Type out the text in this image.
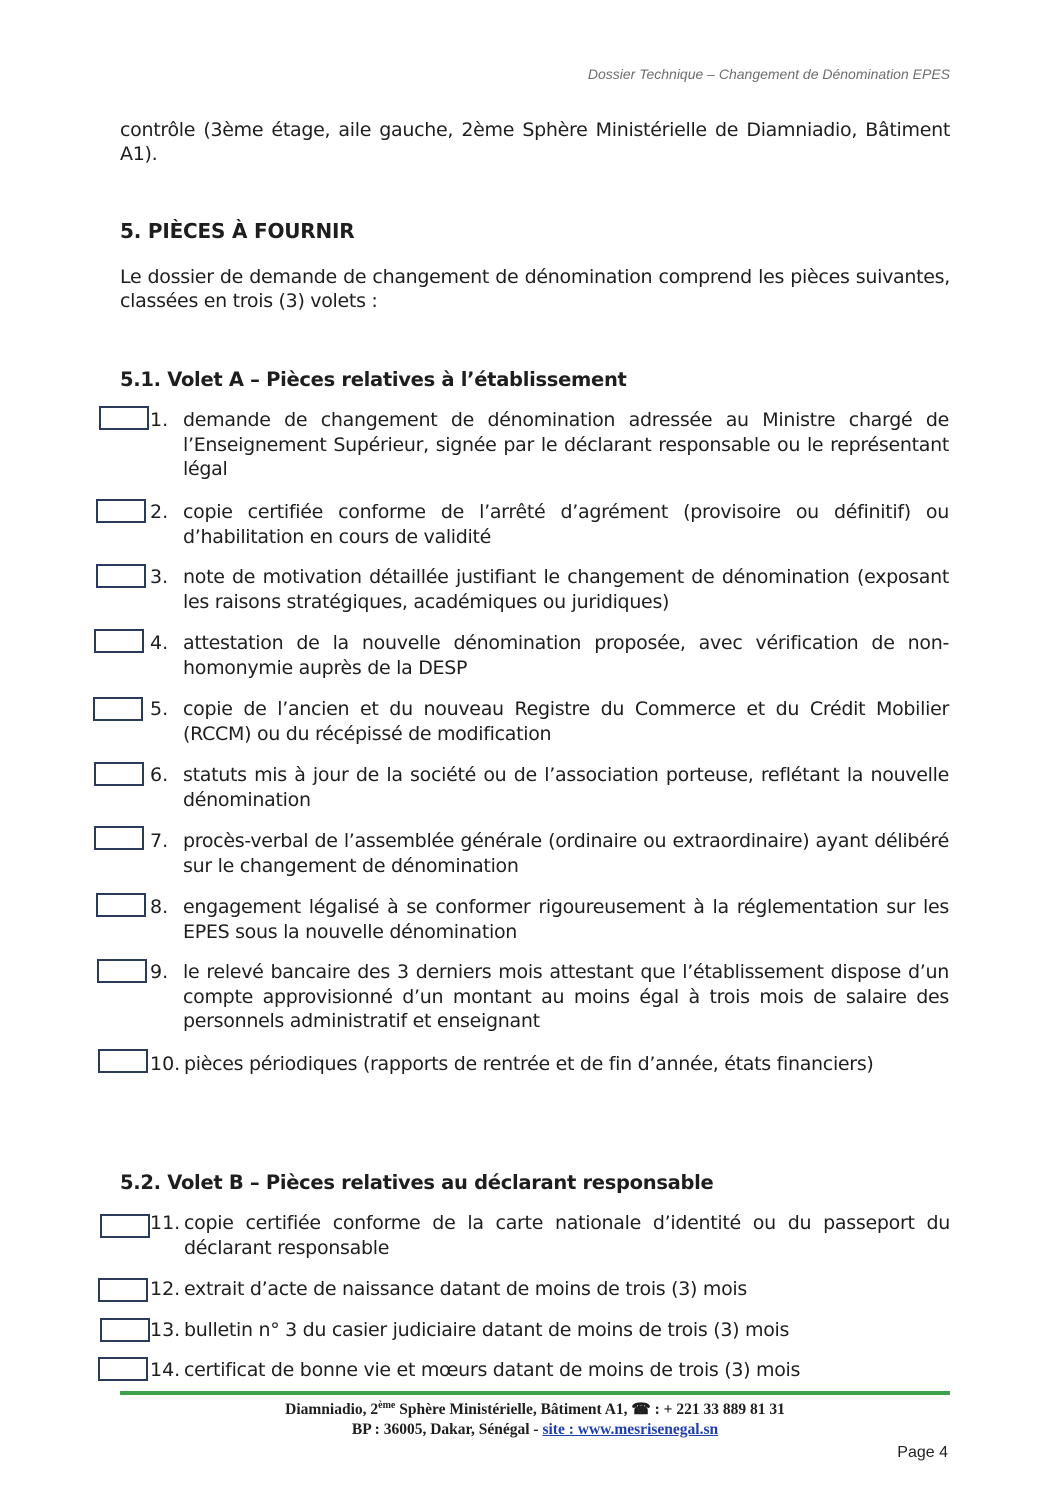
Dossier Technique – Changement de Dénomination EPES
contrôle (3ème étage, aile gauche, 2ème Sphère Ministérielle de Diamniadio, Bâtiment A1).
5. PIÈCES À FOURNIR
Le dossier de demande de changement de dénomination comprend les pièces suivantes, classées en trois (3) volets :
5.1. Volet A – Pièces relatives à l’établissement
1. demande de changement de dénomination adressée au Ministre chargé de l’Enseignement Supérieur, signée par le déclarant responsable ou le représentant légal
2. copie certifiée conforme de l’arrêté d’agrément (provisoire ou définitif) ou d’habilitation en cours de validité
3. note de motivation détaillée justifiant le changement de dénomination (exposant les raisons stratégiques, académiques ou juridiques)
4. attestation de la nouvelle dénomination proposée, avec vérification de non-homonymie auprès de la DESP
5. copie de l’ancien et du nouveau Registre du Commerce et du Crédit Mobilier (RCCM) ou du récépissé de modification
6. statuts mis à jour de la société ou de l’association porteuse, reflétant la nouvelle dénomination
7. procès-verbal de l’assemblée générale (ordinaire ou extraordinaire) ayant délibéré sur le changement de dénomination
8. engagement légalisé à se conformer rigoureusement à la réglementation sur les EPES sous la nouvelle dénomination
9. le relevé bancaire des 3 derniers mois attestant que l’établissement dispose d’un compte approvisionné d’un montant au moins égal à trois mois de salaire des personnels administratif et enseignant
10. pièces périodiques (rapports de rentrée et de fin d’année, états financiers)
5.2. Volet B – Pièces relatives au déclarant responsable
11. copie certifiée conforme de la carte nationale d’identité ou du passeport du déclarant responsable
12. extrait d’acte de naissance datant de moins de trois (3) mois
13. bulletin n° 3 du casier judiciaire datant de moins de trois (3) mois
14. certificat de bonne vie et mœurs datant de moins de trois (3) mois
Diamniadio, 2ème Sphère Ministérielle, Bâtiment A1, ☎ : + 221 33 889 81 31
BP : 36005, Dakar, Sénégal - site : www.mesrisenegal.sn
Page 4
